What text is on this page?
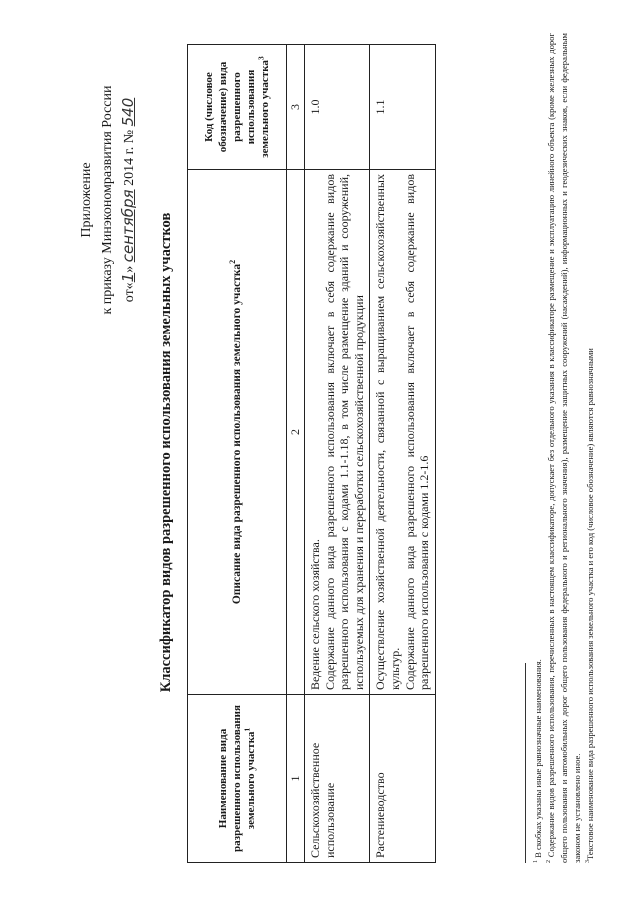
Приложение к приказу Минэкономразвития России от«1» сентября 2014 г. № 540
Классификатор видов разрешенного использования земельных участков
Наименование вида разрешенного использования земельного участка$^1$	Описание вида разрешенного использования земельного участка$^2$	Код (числовое обозначение) вида разрешенного использования земельного участка$^3$
1	2	3
Сельскохозяйственное использование	Ведение сельского хозяйства. Содержание данного вида разрешенного использования включает в себя содержание видов разрешенного использования с кодами 1.1-1.18, в том числе размещение зданий и сооружений, используемых для хранения и переработки сельскохозяйственной продукции	1.0
Растениеводство	Осуществление хозяйственной деятельности, связанной с выращиванием сельскохозяйственных культур. Содержание данного вида разрешенного использования включает в себя содержание видов разрешенного использования с кодами 1.2-1.6	1.1

$^1$ В скобках указаны иные равнозначные наименования.

$^2$ Содержание видов разрешенного использования, перечисленных в настоящем классификаторе, допускает без отдельного указания в классификаторе размещение и эксплуатацию линейного объекта (кроме железных дорог общего пользования и автомобильных дорог общего пользования федерального и регионального значения), размещение защитных сооружений (насаждений), информационных и геодезических знаков, если федеральным законом не установлено иное. $^3$Текстовое наименование вида разрешенного использования земельного участка и его код (числовое обозначение) являются равнозначными
